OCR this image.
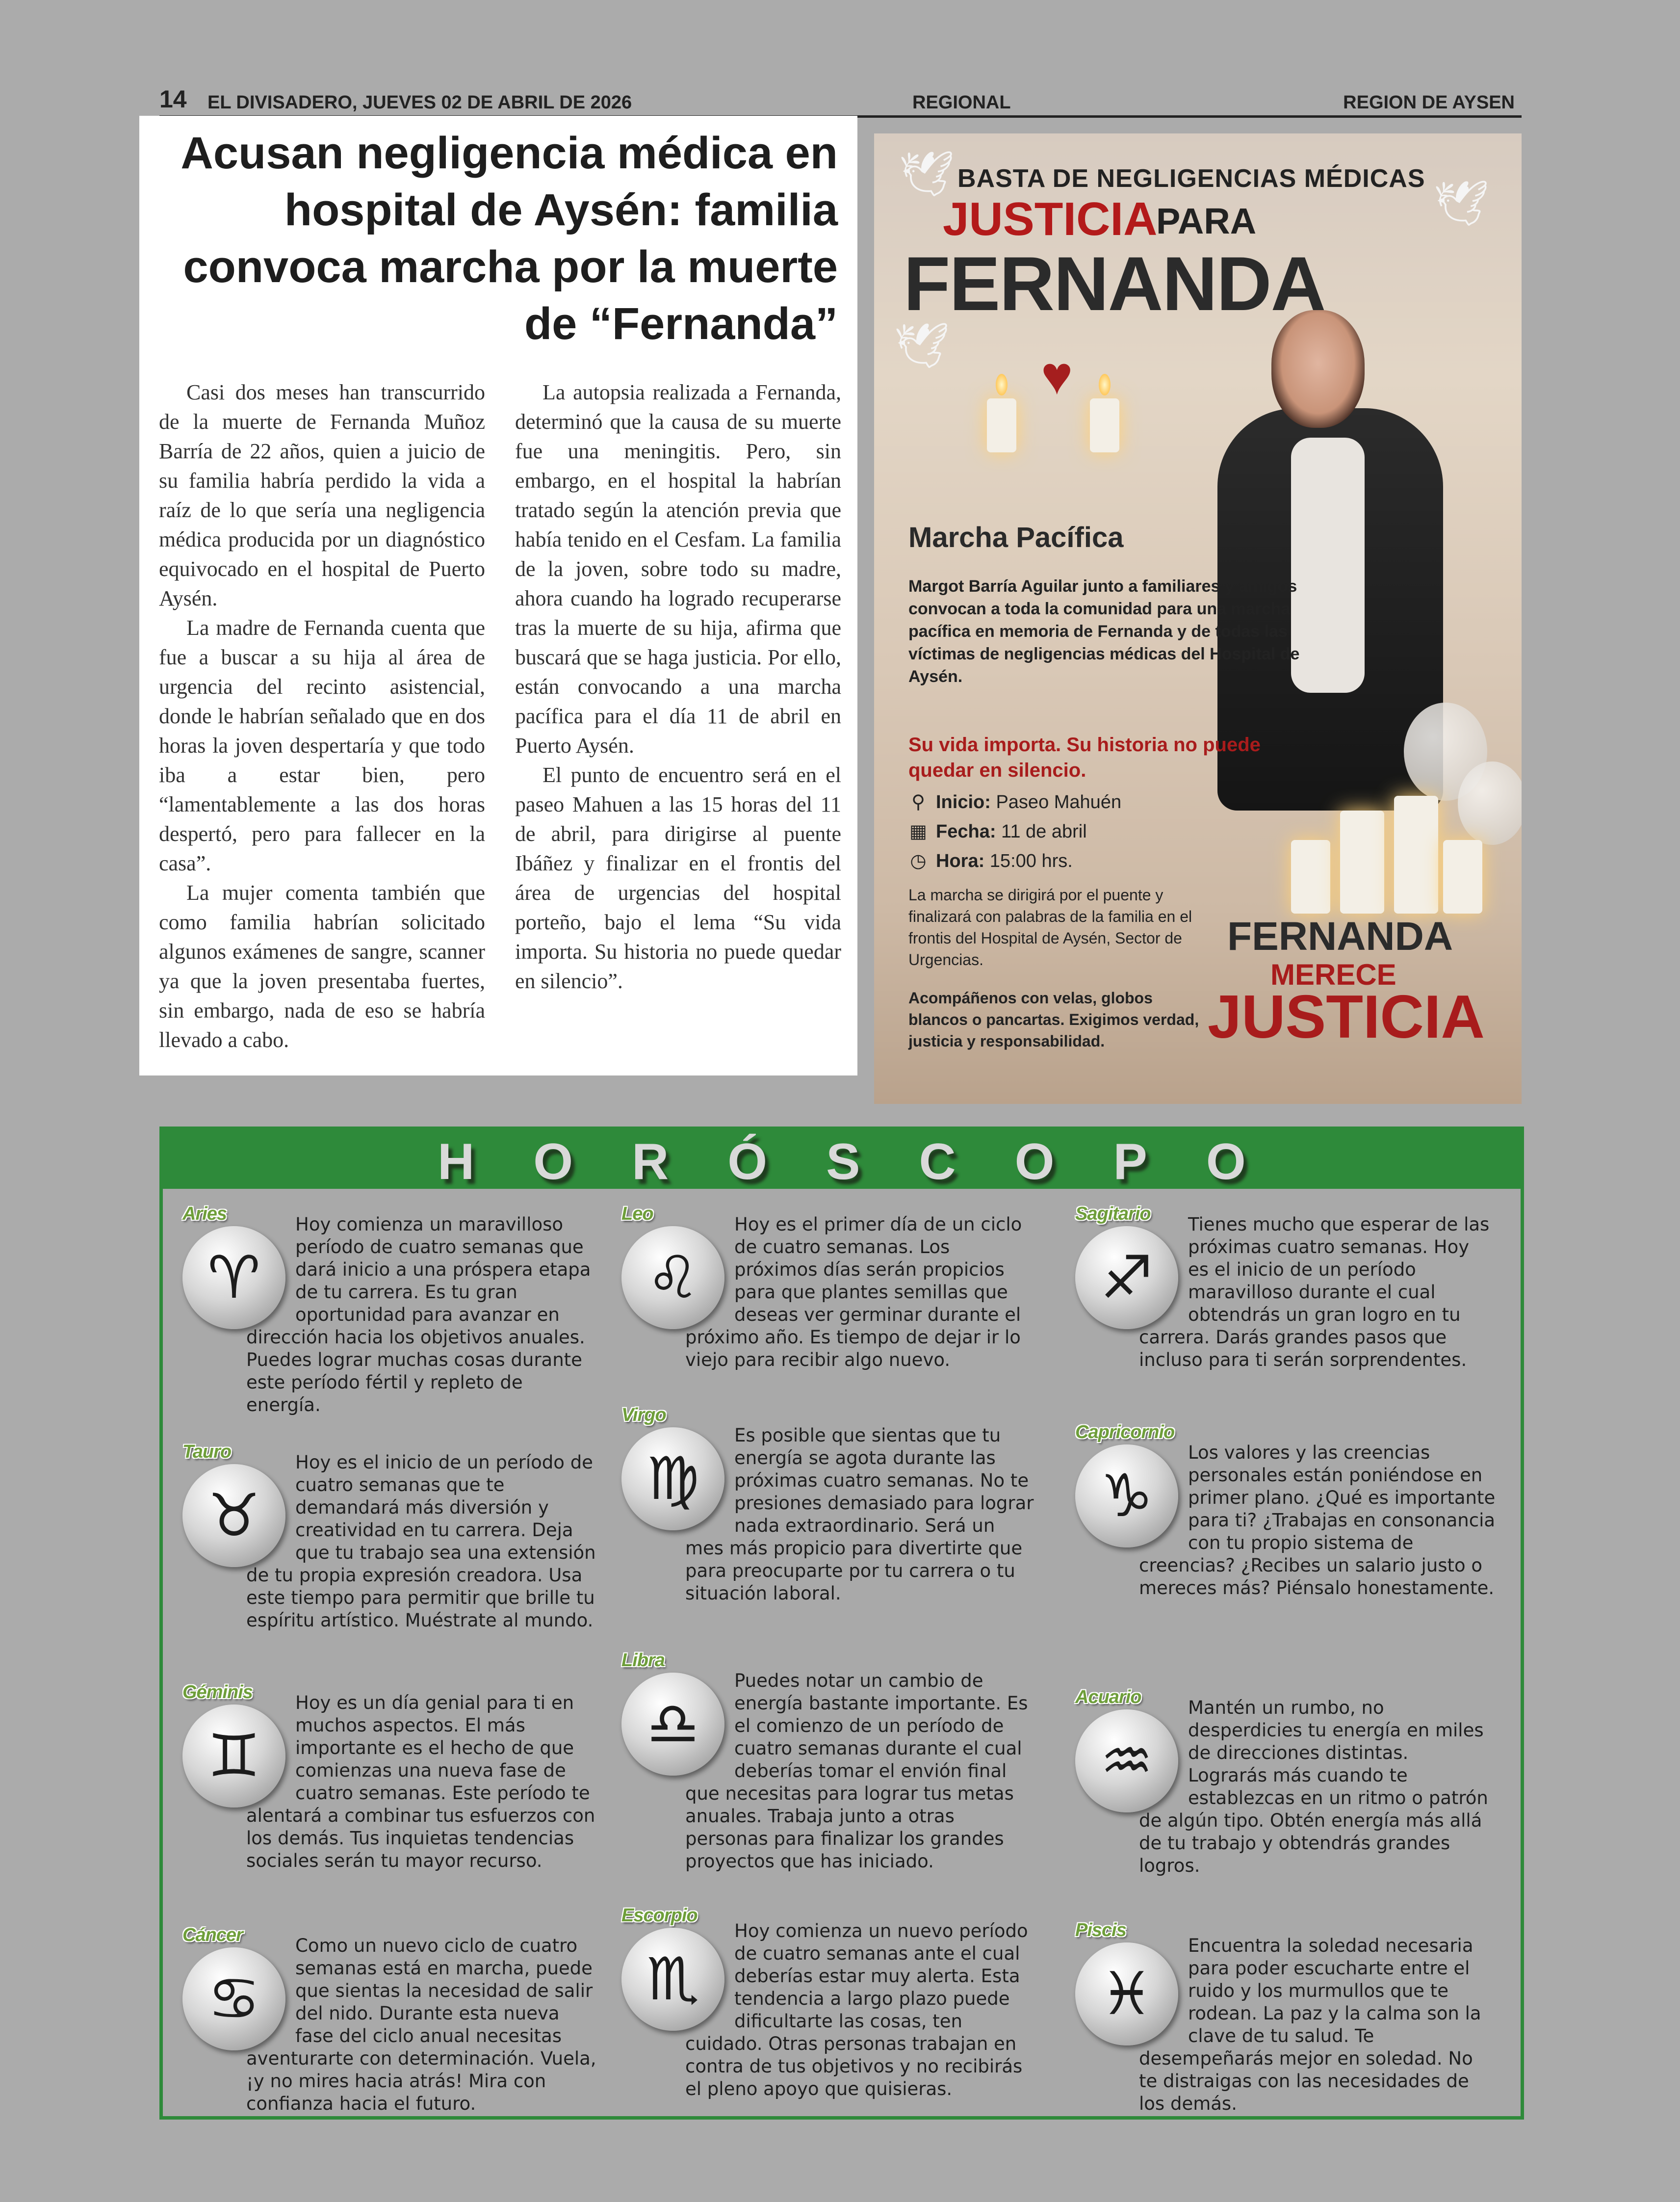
14 EL DIVISADERO, JUEVES 02 DE ABRIL DE 2026	REGIONAL	REGION DE AYSEN
Acusan negligencia médica en hospital de Aysén: familia convoca marcha por la muerte de “Fernanda”

Casi dos meses han transcurrido de la muerte de Fernanda Muñoz Barría de 22 años, quien a juicio de su familia habría perdido la vida a raíz de lo que sería una negligencia médica producida por un diagnóstico equivocado en el hospital de Puerto Aysén.

La madre de Fernanda cuenta que fue a buscar a su hija al área de urgencia del recinto asistencial, donde le habrían señalado que en dos horas la joven despertaría y que todo iba a estar bien, pero “lamentablemente a las dos horas despertó, pero para fallecer en la casa”.

La mujer comenta también que como familia habrían solicitado algunos exámenes de sangre, scanner ya que la joven presentaba fuertes, sin embargo, nada de eso se habría llevado a cabo.

La autopsia realizada a Fernanda, determinó que la causa de su muerte fue una meningitis. Pero, sin embargo, en el hospital la habrían tratado según la atención previa que había tenido en el Cesfam. La familia de la joven, sobre todo su madre, ahora cuando ha logrado recuperarse tras la muerte de su hija, afirma que buscará que se haga justicia. Por ello, están convocando a una marcha pacífica para el día 11 de abril en Puerto Aysén.

El punto de encuentro será en el paseo Mahuen a las 15 horas del 11 de abril, para dirigirse al puente Ibáñez y finalizar en el frontis del área de urgencias del hospital porteño, bajo el lema “Su vida importa. Su historia no puede quedar en silencio”.

🕊
🕊
🕊 ♥
BASTA DE NEGLIGENCIAS MÉDICAS
JUSTICIA
PARA
FERNANDA
Marcha Pacífica
Margot Barría Aguilar junto a familiares y amigos convocan a toda la comunidad para una marcha pacífica en memoria de Fernanda y de todas las víctimas de negligencias médicas del Hospital de Aysén.
Su vida importa. Su historia no puede quedar en silencio.
⚲ Inicio: Paseo Mahuén
▦ Fecha: 11 de abril
◷ Hora: 15:00 hrs.
La marcha se dirigirá por el puente y finalizará con palabras de la familia en el frontis del Hospital de Aysén, Sector de Urgencias.
Acompáñenos con velas, globos blancos o pancartas. Exigimos verdad, justicia y responsabilidad.
FERNANDA
MERECE
JUSTICIA
HORÓSCOPO
Aries
♈
Hoy comienza un maravilloso período de cuatro semanas que dará inicio a una próspera etapa de tu carrera. Es tu gran oportunidad para avanzar en dirección hacia los objetivos anuales. Puedes lograr muchas cosas durante este período fértil y repleto de energía.
Tauro
♉
Hoy es el inicio de un período de cuatro semanas que te demandará más diversión y creatividad en tu carrera. Deja que tu trabajo sea una extensión de tu propia expresión creadora. Usa este tiempo para permitir que brille tu espíritu artístico. Muéstrate al mundo.
Géminis
♊
Hoy es un día genial para ti en muchos aspectos. El más importante es el hecho de que comienzas una nueva fase de cuatro semanas. Este período te alentará a combinar tus esfuerzos con los demás. Tus inquietas tendencias sociales serán tu mayor recurso.
Cáncer
♋
Como un nuevo ciclo de cuatro semanas está en marcha, puede que sientas la necesidad de salir del nido. Durante esta nueva fase del ciclo anual necesitas aventurarte con determinación. Vuela, ¡y no mires hacia atrás! Mira con confianza hacia el futuro.
Leo
♌
Hoy es el primer día de un ciclo de cuatro semanas. Los próximos días serán propicios para que plantes semillas que deseas ver germinar durante el próximo año. Es tiempo de dejar ir lo viejo para recibir algo nuevo.
Virgo
♍
Es posible que sientas que tu energía se agota durante las próximas cuatro semanas. No te presiones demasiado para lograr nada extraordinario. Será un mes más propicio para divertirte que para preocuparte por tu carrera o tu situación laboral.
Libra
♎
Puedes notar un cambio de energía bastante importante. Es el comienzo de un período de cuatro semanas durante el cual deberías tomar el envión final que necesitas para lograr tus metas anuales. Trabaja junto a otras personas para finalizar los grandes proyectos que has iniciado.
Escorpio
♏
Hoy comienza un nuevo período de cuatro semanas ante el cual deberías estar muy alerta. Esta tendencia a largo plazo puede dificultarte las cosas, ten cuidado. Otras personas trabajan en contra de tus objetivos y no recibirás el pleno apoyo que quisieras.
Sagitario
♐
Tienes mucho que esperar de las próximas cuatro semanas. Hoy es el inicio de un período maravilloso durante el cual obtendrás un gran logro en tu carrera. Darás grandes pasos que incluso para ti serán sorprendentes.
Capricornio
♑
Los valores y las creencias personales están poniéndose en primer plano. ¿Qué es importante para ti? ¿Trabajas en consonancia con tu propio sistema de creencias? ¿Recibes un salario justo o mereces más? Piénsalo honestamente.
Acuario
♒
Mantén un rumbo, no desperdicies tu energía en miles de direcciones distintas. Lograrás más cuando te establezcas en un ritmo o patrón de algún tipo. Obtén energía más allá de tu trabajo y obtendrás grandes logros.
Piscis
♓
Encuentra la soledad necesaria para poder escucharte entre el ruido y los murmullos que te rodean. La paz y la calma son la clave de tu salud. Te desempeñarás mejor en soledad. No te distraigas con las necesidades de los demás.
